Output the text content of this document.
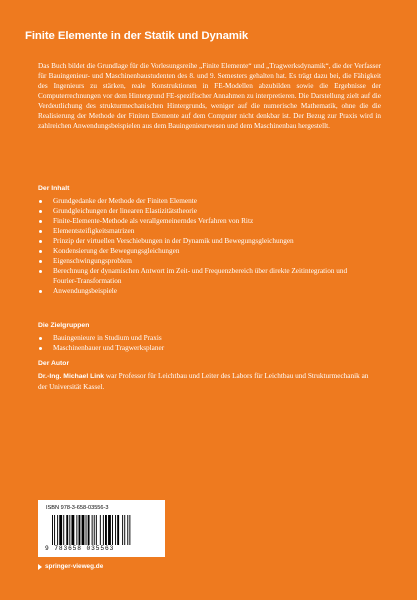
Finite Elemente in der Statik und Dynamik

Das Buch bildet die Grundlage für die Vorlesungsreihe „Finite Elemente“ und „Tragwerksdynamik“, die der Verfasser für Bauingenieur- und Maschinenbaustudenten des 8. und 9. Semesters gehalten hat. Es trägt dazu bei, die Fähigkeit des Ingenieurs zu stärken, reale Konstruktionen in FE-Modellen abzubilden sowie die Ergebnisse der Computerrechnungen vor dem Hintergrund FE-spezifischer Annahmen zu interpretieren. Die Darstellung zielt auf die Verdeutlichung des strukturmechanischen Hintergrunds, weniger auf die numerische Mathematik, ohne die die Realisierung der Methode der Finiten Elemente auf dem Computer nicht denkbar ist. Der Bezug zur Praxis wird in zahlreichen Anwendungsbeispielen aus dem Bauingenieurwesen und dem Maschinenbau hergestellt.

Der Inhalt
Grundgedanke der Methode der Finiten Elemente
Grundgleichungen der linearen Elastizitätstheorie
Finite-Elemente-Methode als verallgemeinerndes Verfahren von Ritz
Elementsteifigkeitsmatrizen
Prinzip der virtuellen Verschiebungen in der Dynamik und Bewegungsgleichungen
Kondensierung der Bewegungsgleichungen
Eigenschwingungsproblem
Berechnung der dynamischen Antwort im Zeit- und Frequenzbereich über direkte Zeitintegration und Fourier-Transformation
Anwendungsbeispiele
Die Zielgruppen
Bauingenieure in Studium und Praxis
Maschinenbauer und Tragwerksplaner
Der Autor

Dr.-Ing. Michael Link war Professor für Leichtbau und Leiter des Labors für Leichtbau und Strukturmechanik an der Universität Kassel.

ISBN 978-3-658-03556-3
9 783658 035563
springer-vieweg.de
